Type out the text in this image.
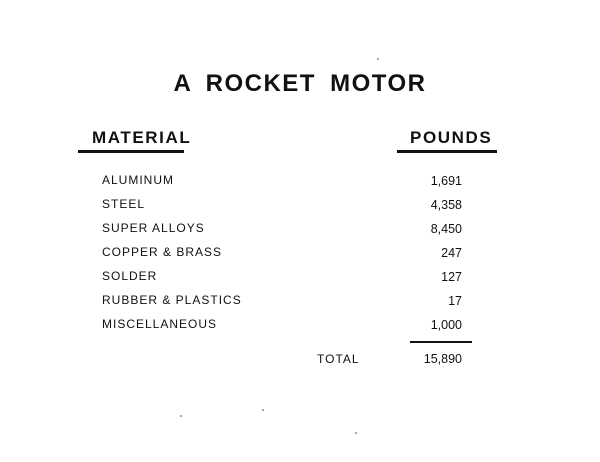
A ROCKET MOTOR
MATERIAL	POUNDS
ALUMINUM	1,691
STEEL	4,358
SUPER ALLOYS	8,450
COPPER & BRASS	247
SOLDER	127
RUBBER & PLASTICS	17
MISCELLANEOUS	1,000
TOTAL	15,890
